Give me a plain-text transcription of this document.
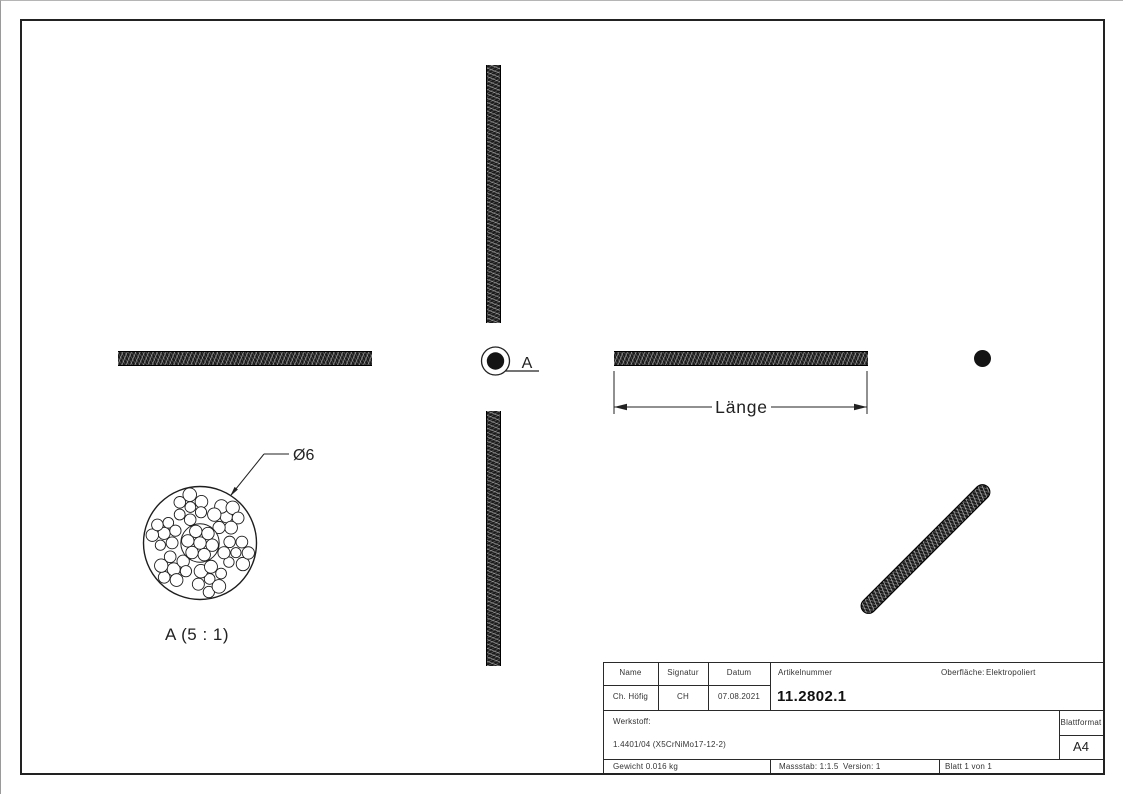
A
Länge
Ø6
A (5 : 1)
Name	Signatur	Datum	Artikelnummer	Oberfläche: Elektropoliert
Ch. Höfig	CH	07.08.2021	11.2802.1
Werkstoff:
1.4401/04 (X5CrNiMo17-12-2)
Blattformat
A4
Gewicht 0.016 kg	Massstab: 1:1.5 Version: 1	Blatt 1 von 1
